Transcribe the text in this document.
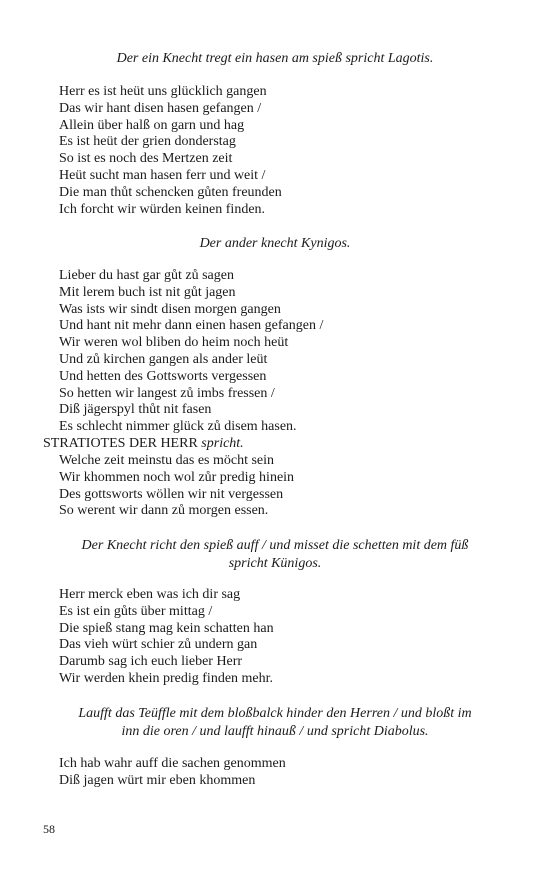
Der ein Knecht tregt ein hasen am spieß spricht Lagotis.
Herr es ist heüt uns glücklich gangen
Das wir hant disen hasen gefangen /
Allein über halß on garn und hag
Es ist heüt der grien donderstag
So ist es noch des Mertzen zeit
Heüt sucht man hasen ferr und weit /
Die man thůt schencken gůten freunden
Ich forcht wir würden keinen finden.
Der ander knecht Kynigos.
Lieber du hast gar gůt zů sagen
Mit lerem buch ist nit gůt jagen
Was ists wir sindt disen morgen gangen
Und hant nit mehr dann einen hasen gefangen /
Wir weren wol bliben do heim noch heüt
Und zů kirchen gangen als ander leüt
Und hetten des Gottsworts vergessen
So hetten wir langest zů imbs fressen /
Diß jägerspyl thůt nit fasen
Es schlecht nimmer glück zů disem hasen.
STRATIOTES DER HERR spricht.
Welche zeit meinstu das es möcht sein
Wir khommen noch wol zůr predig hinein
Des gottsworts wöllen wir nit vergessen
So werent wir dann zů morgen essen.
Der Knecht richt den spieß auff / und misset die schetten mit dem füß
spricht Künigos.
Herr merck eben was ich dir sag
Es ist ein gůts über mittag /
Die spieß stang mag kein schatten han
Das vieh würt schier zů undern gan
Darumb sag ich euch lieber Herr
Wir werden khein predig finden mehr.
Laufft das Teüffle mit dem bloßbalck hinder den Herren / und bloßt im
inn die oren / und laufft hinauß / und spricht Diabolus.
Ich hab wahr auff die sachen genommen
Diß jagen würt mir eben khommen
58
